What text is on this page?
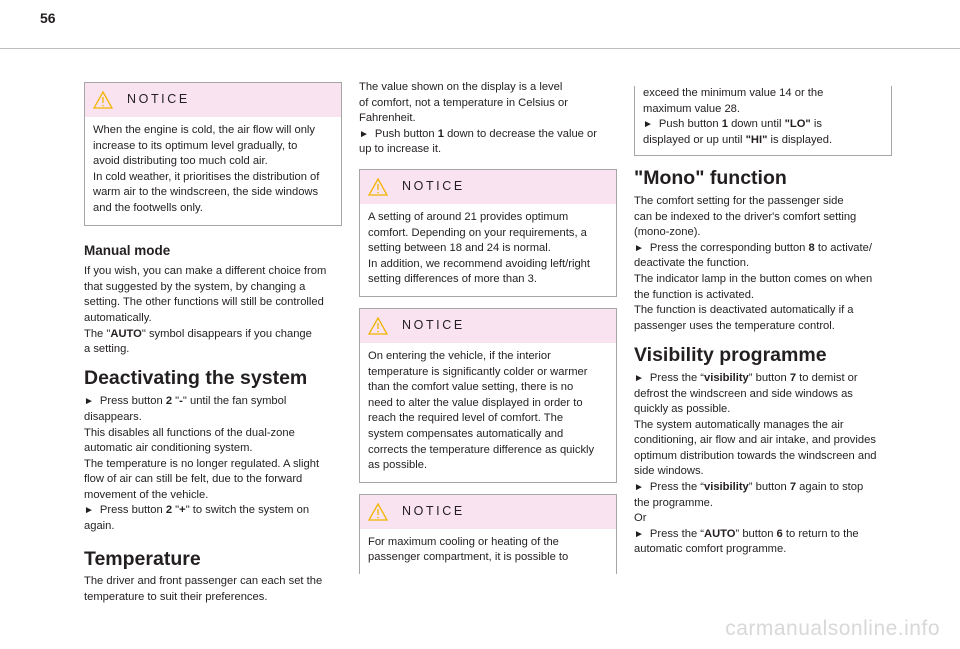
56
NOTICE

When the engine is cold, the air flow will only

increase to its optimum level gradually, to

avoid distributing too much cold air.

In cold weather, it prioritises the distribution of

warm air to the windscreen, the side windows

and the footwells only.

Manual mode

If you wish, you can make a different choice from

that suggested by the system, by changing a

setting. The other functions will still be controlled

automatically.

The "AUTO" symbol disappears if you change

a setting.

Deactivating the system

► Press button 2 "-" until the fan symbol

disappears.

This disables all functions of the dual-zone

automatic air conditioning system.

The temperature is no longer regulated. A slight

flow of air can still be felt, due to the forward

movement of the vehicle.

► Press button 2 "+" to switch the system on

again.

Temperature

The driver and front passenger can each set the

temperature to suit their preferences.

The value shown on the display is a level

of comfort, not a temperature in Celsius or

Fahrenheit.

► Push button 1 down to decrease the value or

up to increase it.

NOTICE

A setting of around 21 provides optimum

comfort. Depending on your requirements, a

setting between 18 and 24 is normal.

In addition, we recommend avoiding left/right

setting differences of more than 3.

NOTICE

On entering the vehicle, if the interior

temperature is significantly colder or warmer

than the comfort value setting, there is no

need to alter the value displayed in order to

reach the required level of comfort. The

system compensates automatically and

corrects the temperature difference as quickly

as possible.

NOTICE

For maximum cooling or heating of the

passenger compartment, it is possible to

exceed the minimum value 14 or the

maximum value 28.

► Push button 1 down until "LO" is

displayed or up until "HI" is displayed.

"Mono" function

The comfort setting for the passenger side

can be indexed to the driver's comfort setting

(mono-zone).

► Press the corresponding button 8 to activate/

deactivate the function.

The indicator lamp in the button comes on when

the function is activated.

The function is deactivated automatically if a

passenger uses the temperature control.

Visibility programme

► Press the “visibility” button 7 to demist or

defrost the windscreen and side windows as

quickly as possible.

The system automatically manages the air

conditioning, air flow and air intake, and provides

optimum distribution towards the windscreen and

side windows.

► Press the “visibility” button 7 again to stop

the programme.

Or

► Press the “AUTO” button 6 to return to the

automatic comfort programme.

carmanualsonline.info
